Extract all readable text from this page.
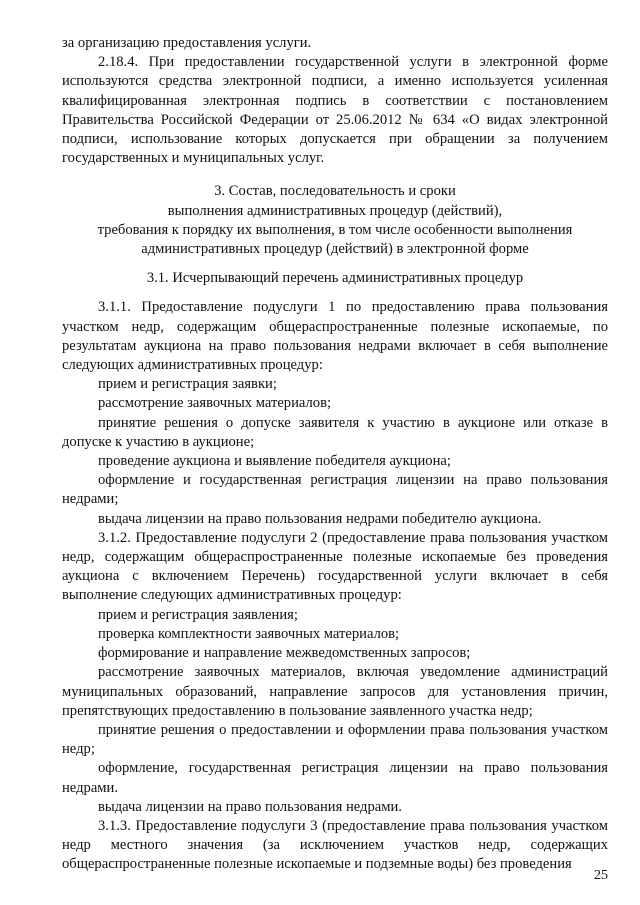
за организацию предоставления услуги.

2.18.4. При предоставлении государственной услуги в электронной форме используются средства электронной подписи, а именно используется усиленная квалифицированная электронная подпись в соответствии с постановлением Правительства Российской Федерации от 25.06.2012 № 634 «О видах электронной подписи, использование которых допускается при обращении за получением государственных и муниципальных услуг.

3. Состав, последовательность и сроки

выполнения административных процедур (действий),

требования к порядку их выполнения, в том числе особенности выполнения

административных процедур (действий) в электронной форме

3.1. Исчерпывающий перечень административных процедур

3.1.1. Предоставление подуслуги 1 по предоставлению права пользования участком недр, содержащим общераспространенные полезные ископаемые, по результатам аукциона на право пользования недрами включает в себя выполнение следующих административных процедур:

прием и регистрация заявки;

рассмотрение заявочных материалов;

принятие решения о допуске заявителя к участию в аукционе или отказе в допуске к участию в аукционе;

проведение аукциона и выявление победителя аукциона;

оформление и государственная регистрация лицензии на право пользования недрами;

выдача лицензии на право пользования недрами победителю аукциона.

3.1.2. Предоставление подуслуги 2 (предоставление права пользования участком недр, содержащим общераспространенные полезные ископаемые без проведения аукциона с включением Перечень) государственной услуги включает в себя выполнение следующих административных процедур:

прием и регистрация заявления;

проверка комплектности заявочных материалов;

формирование и направление межведомственных запросов;

рассмотрение заявочных материалов, включая уведомление администраций муниципальных образований, направление запросов для установления причин, препятствующих предоставлению в пользование заявленного участка недр;

принятие решения о предоставлении и оформлении права пользования участком недр;

оформление, государственная регистрация лицензии на право пользования недрами.

выдача лицензии на право пользования недрами.

3.1.3. Предоставление подуслуги 3 (предоставление права пользования участком недр местного значения (за исключением участков недр, содержащих общераспространенные полезные ископаемые и подземные воды) без проведения

25
